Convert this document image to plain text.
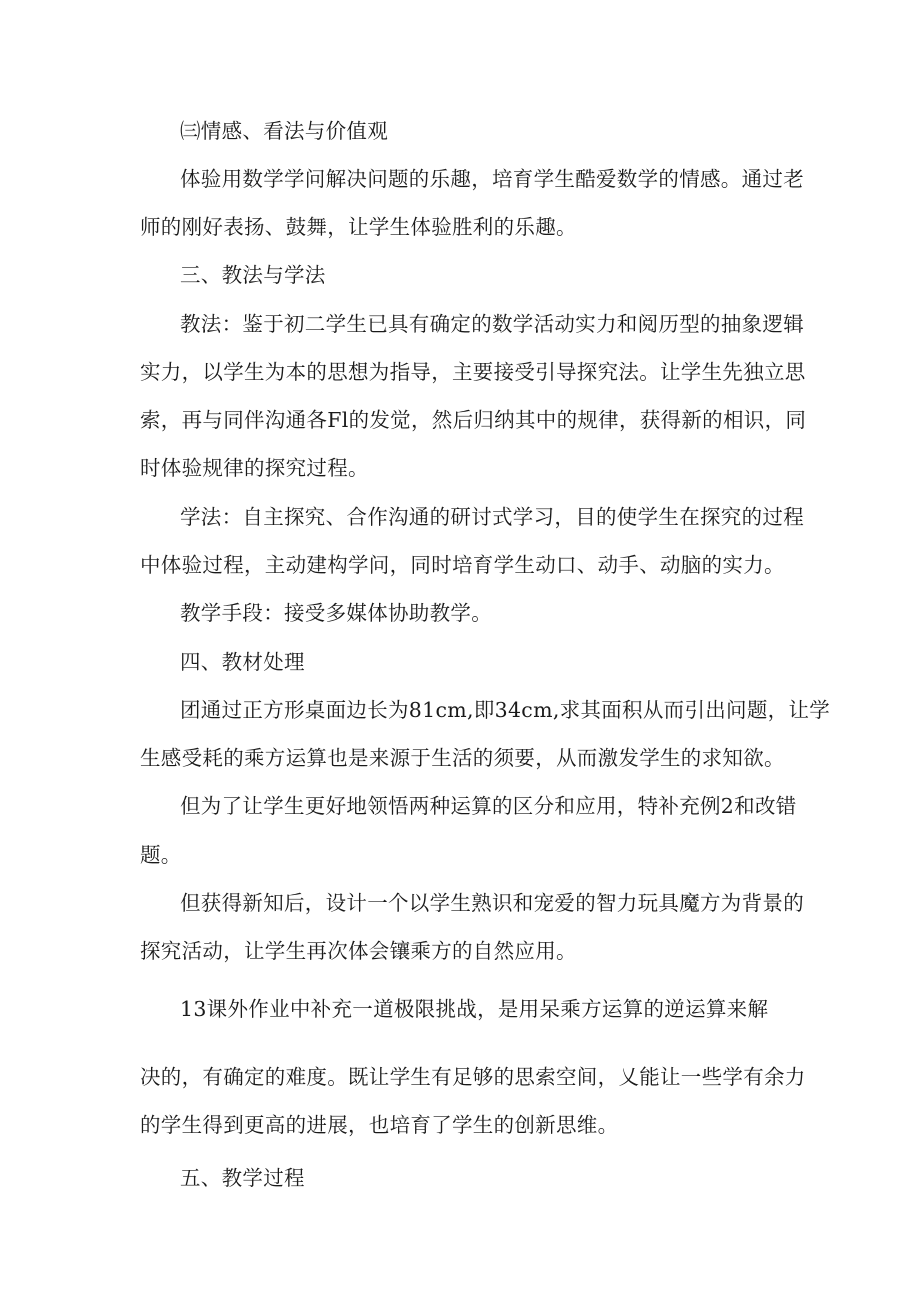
㈢情感、看法与价值观
体验用数学学问解决问题的乐趣，培育学生酷爱数学的情感。通过老
师的刚好表扬、鼓舞，让学生体验胜利的乐趣。
三、教法与学法
教法：鉴于初二学生已具有确定的数学活动实力和阅历型的抽象逻辑
实力，以学生为本的思想为指导，主要接受引导探究法。让学生先独立思
索，再与同伴沟通各Fl的发觉，然后归纳其中的规律，获得新的相识，同
时体验规律的探究过程。
学法：自主探究、合作沟通的研讨式学习，目的使学生在探究的过程
中体验过程，主动建构学问，同时培育学生动口、动手、动脑的实力。
教学手段：接受多媒体协助教学。
四、教材处理
团通过正方形桌面边长为81cm,即34cm,求其面积从而引出问题，让学
生感受耗的乘方运算也是来源于生活的须要，从而激发学生的求知欲。
但为了让学生更好地领悟两种运算的区分和应用，特补充例2和改错
题。
但获得新知后，设计一个以学生熟识和宠爱的智力玩具魔方为背景的
探究活动，让学生再次体会镶乘方的自然应用。
13课外作业中补充一道极限挑战，是用呆乘方运算的逆运算来解
决的，有确定的难度。既让学生有足够的思索空间，乂能让一些学有余力
的学生得到更高的进展，也培育了学生的创新思维。
五、教学过程
